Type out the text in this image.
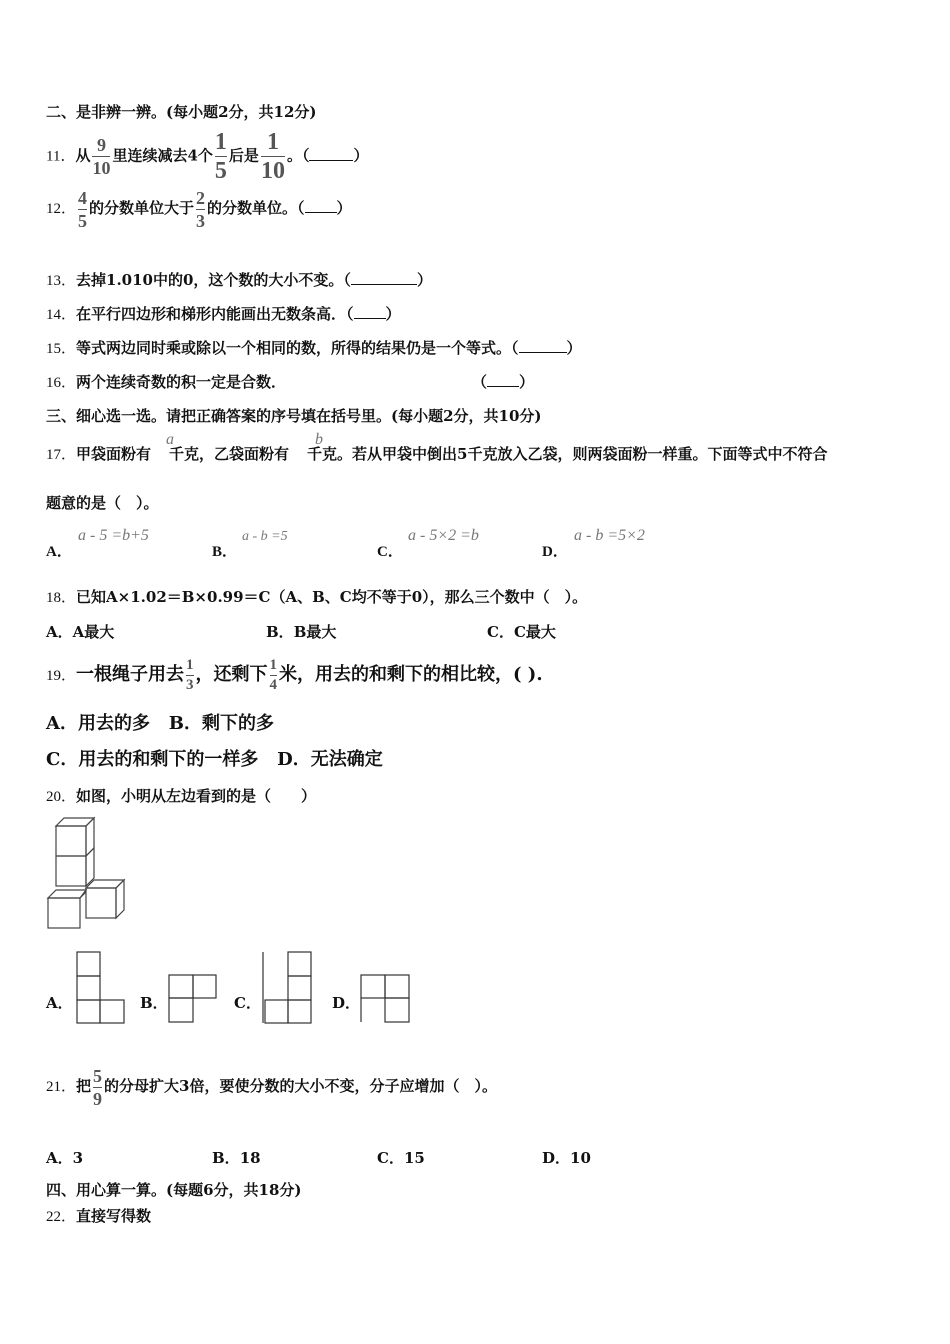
二、是非辨一辨。(每小题2分，共12分)
11．从 $\frac{9}{10}$ 里连续减去4个 $\frac{1}{5}$ 后是 $\frac{1}{10}$ 。（	）
12． $\frac{4}{5}$ 的分数单位大于 $\frac{2}{3}$ 的分数单位。（ ）
13．去掉1.010中的0，这个数的大小不变。（	）
14．在平行四边形和梯形内能画出无数条高．（ ）
15．等式两边同时乘或除以一个相同的数，所得的结果仍是一个等式。（	）
16．两个连续奇数的积一定是合数．	（ ）
三、细心选一选。请把正确答案的序号填在括号里。(每小题2分，共10分)
17．甲袋面粉有 千克，乙袋面粉有 千克。若从甲袋中倒出5千克放入乙袋，则两袋面粉一样重。下面等式中不符合
a	b
题意的是（　）。
A．
a - 5 =b+5
B．
a - b =5
C．
a - 5×2 =b
D．
a - b =5×2
18．已知A×1.02＝B×0.99＝C（A、B、C均不等于0），那么三个数中（　）。
A．A最大	B．B最大	C．C最大
19．一根绳子用去 $\frac{1}{3}$ ，还剩下 $\frac{1}{4}$ 米，用去的和剩下的相比较，( ).
A．用去的多 B．剩下的多
C．用去的和剩下的一样多 D．无法确定
20．如图，小明从左边看到的是（　　）
A．	B．	C．	D．
21．把 $\frac{5}{9}$ 的分母扩大3倍，要使分数的大小不变，分子应增加（　）。
A．3	B．18	C．15	D．10
四、用心算一算。(每题6分，共18分)
22．直接写得数
